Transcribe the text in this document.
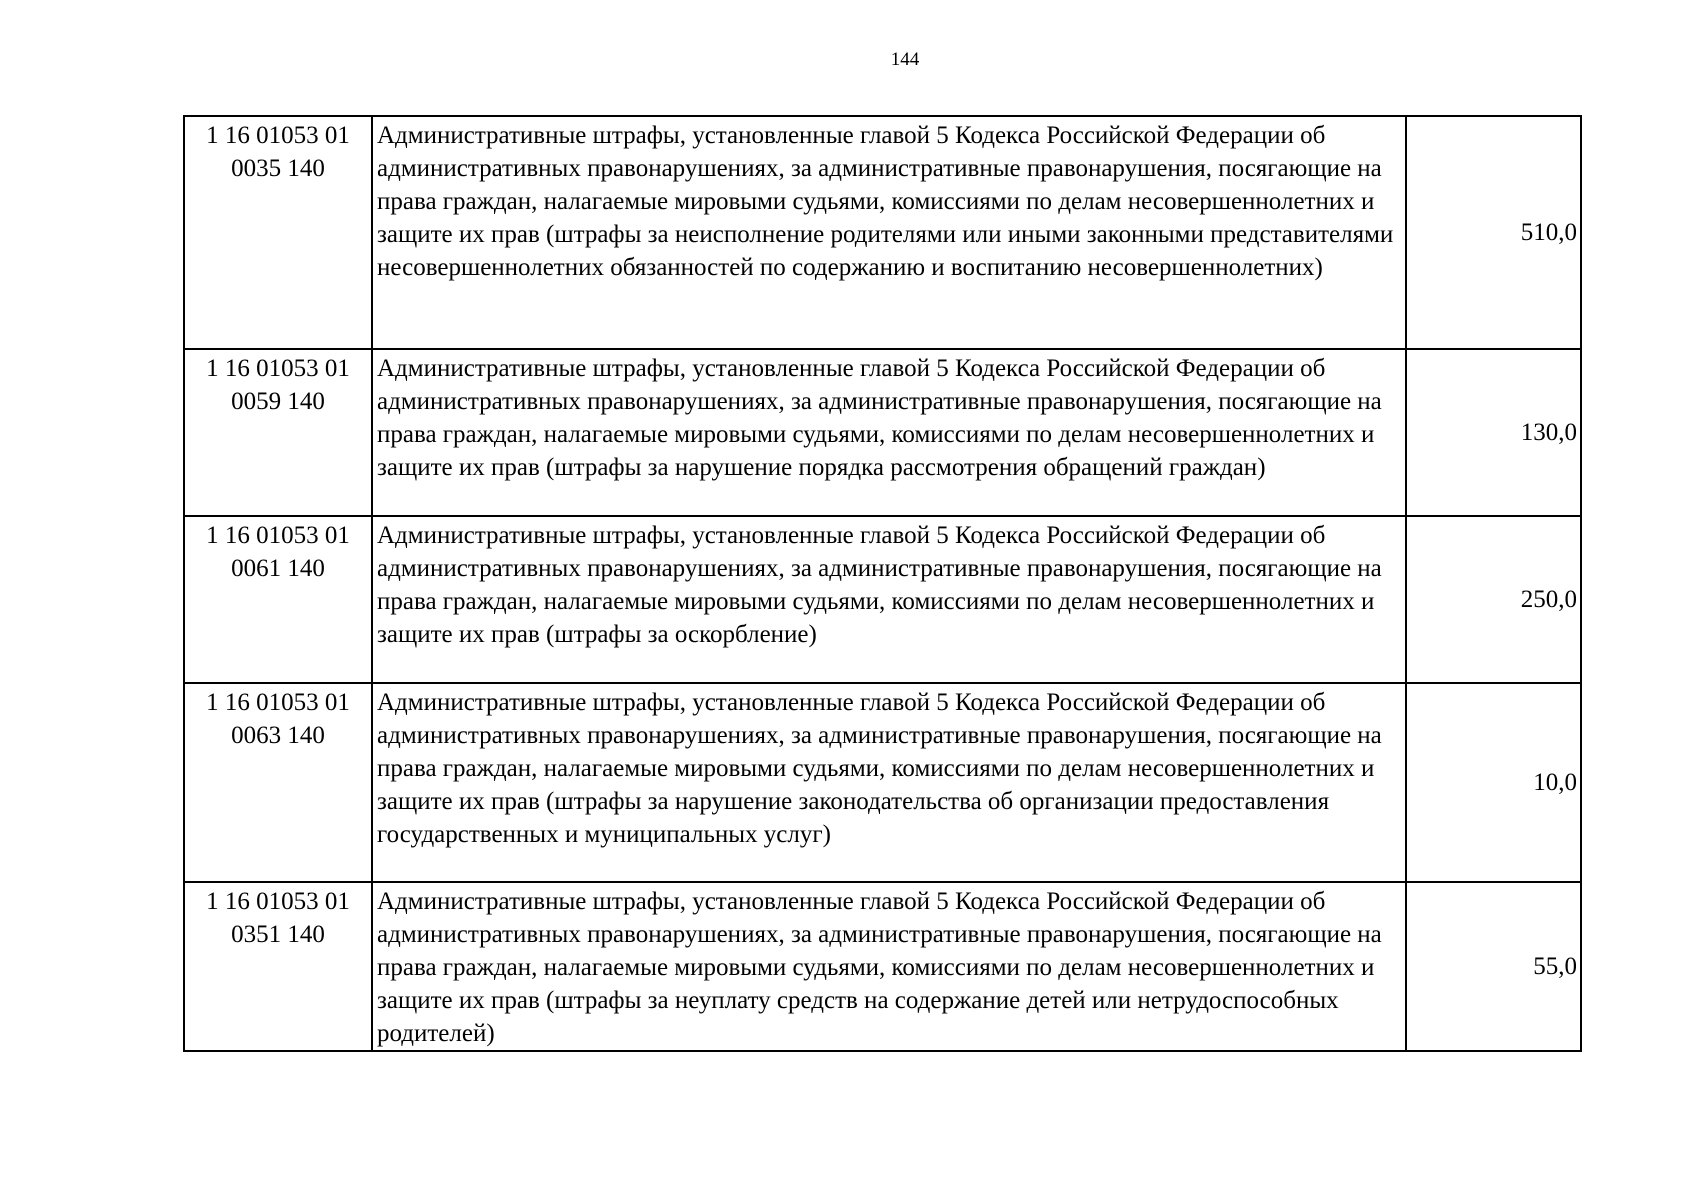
144
1 16 01053 01
0035 140	Административные штрафы, установленные главой 5 Кодекса Российской Федерации об административных правонарушениях, за административные правонарушения, посягающие на права граждан, налагаемые мировыми судьями, комиссиями по делам несовершеннолетних и защите их прав (штрафы за неисполнение родителями или иными законными представителями несовершеннолетних обязанностей по содержанию и воспитанию несовершеннолетних)	510,0

1 16 01053 01
0059 140	Административные штрафы, установленные главой 5 Кодекса Российской Федерации об административных правонарушениях, за административные правонарушения, посягающие на права граждан, налагаемые мировыми судьями, комиссиями по делам несовершеннолетних и защите их прав (штрафы за нарушение порядка рассмотрения обращений граждан)	130,0

1 16 01053 01
0061 140	Административные штрафы, установленные главой 5 Кодекса Российской Федерации об административных правонарушениях, за административные правонарушения, посягающие на права граждан, налагаемые мировыми судьями, комиссиями по делам несовершеннолетних и защите их прав (штрафы за оскорбление)	250,0

1 16 01053 01
0063 140	Административные штрафы, установленные главой 5 Кодекса Российской Федерации об административных правонарушениях, за административные правонарушения, посягающие на права граждан, налагаемые мировыми судьями, комиссиями по делам несовершеннолетних и защите их прав (штрафы за нарушение законодательства об организации предоставления государственных и муниципальных услуг)	10,0

1 16 01053 01
0351 140	Административные штрафы, установленные главой 5 Кодекса Российской Федерации об административных правонарушениях, за административные правонарушения, посягающие на права граждан, налагаемые мировыми судьями, комиссиями по делам несовершеннолетних и защите их прав (штрафы за неуплату средств на содержание детей или нетрудоспособных родителей)	55,0
